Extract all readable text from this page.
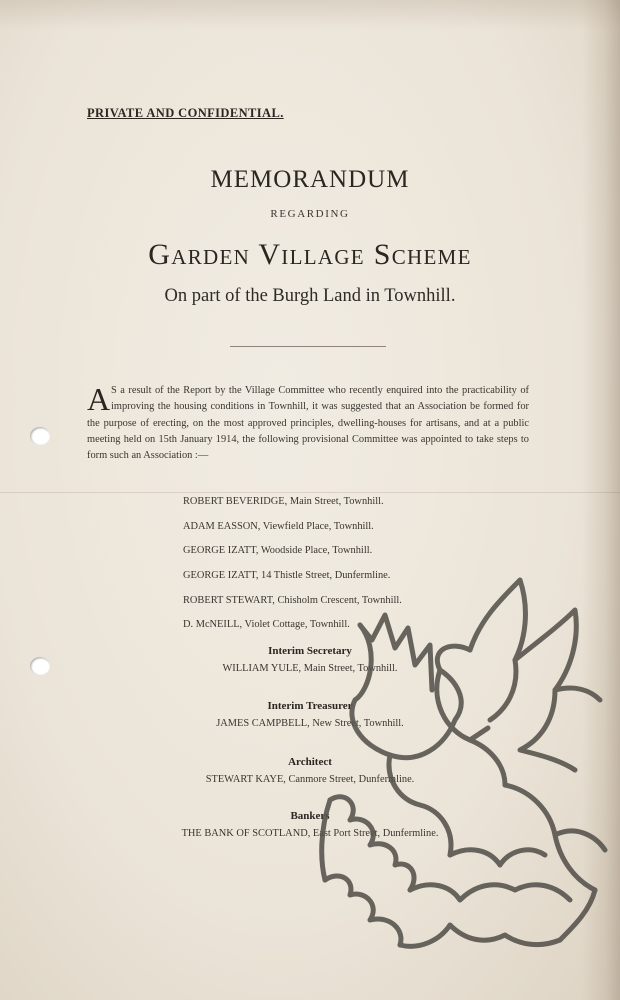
PRIVATE AND CONFIDENTIAL.
MEMORANDUM
REGARDING
Garden Village Scheme
On part of the Burgh Land in Townhill.
A S a result of the Report by the Village Committee who recently enquired into the practicability of improving the housing conditions in Townhill, it was suggested that an Association be formed for the purpose of erecting, on the most approved principles, dwelling-houses for artisans, and at a public meeting held on 15th January 1914, the following provisional Committee was appointed to take steps to form such an Association :—

ROBERT BEVERIDGE, Main Street, Townhill.
ADAM EASSON, Viewfield Place, Townhill.
GEORGE IZATT, Woodside Place, Townhill.
GEORGE IZATT, 14 Thistle Street, Dunfermline.
ROBERT STEWART, Chisholm Crescent, Townhill.
D. McNEILL, Violet Cottage, Townhill.
Interim Secretary
WILLIAM YULE, Main Street, Townhill.
Interim Treasurer
JAMES CAMPBELL, New Street, Townhill.
Architect
STEWART KAYE, Canmore Street, Dunfermline.
Bankers
THE BANK OF SCOTLAND, East Port Street, Dunfermline.
